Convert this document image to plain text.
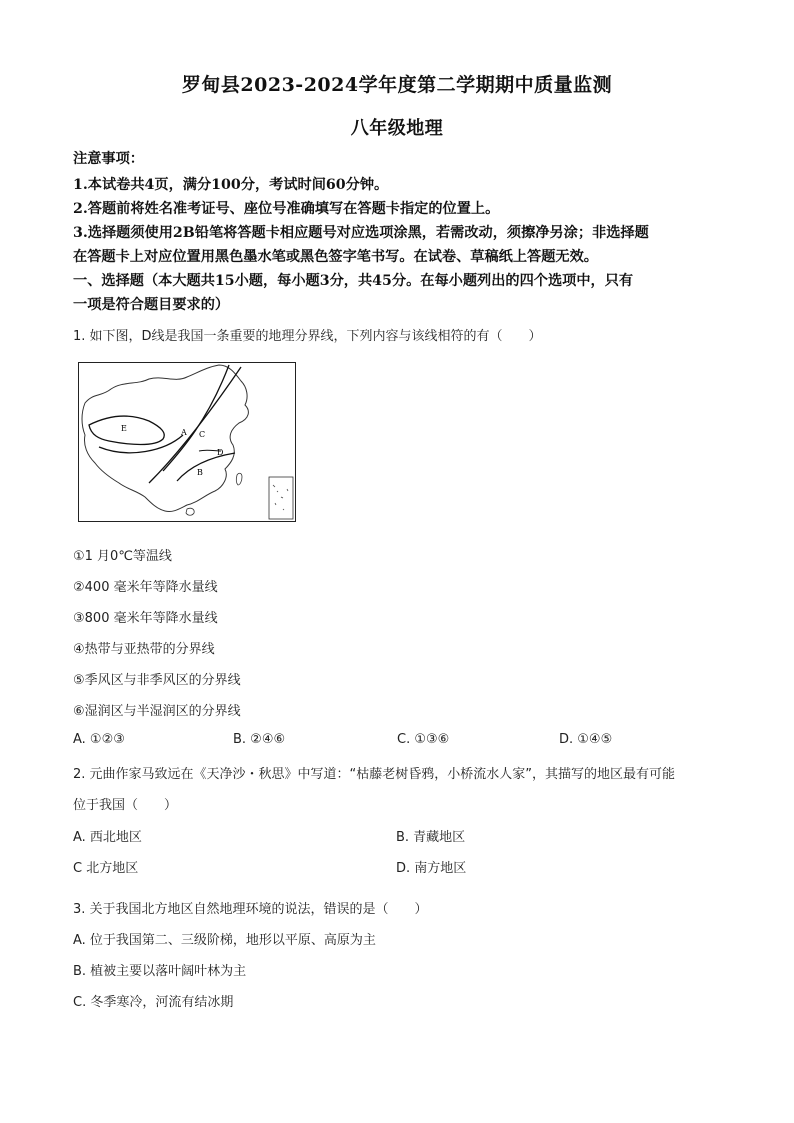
罗甸县2023-2024学年度第二学期期中质量监测
八年级地理
注意事项：
1.本试卷共4页，满分100分，考试时间60分钟。
2.答题前将姓名准考证号、座位号准确填写在答题卡指定的位置上。
3.选择题须使用2B铅笔将答题卡相应题号对应选项涂黑，若需改动，须擦净另涂；非选择题
在答题卡上对应位置用黑色墨水笔或黑色签字笔书写。在试卷、草稿纸上答题无效。
一、选择题（本大题共15小题，每小题3分，共45分。在每小题列出的四个选项中，只有
一项是符合题目要求的）
1. 如下图，D线是我国一条重要的地理分界线，下列内容与该线相符的有（　　）
E	A C
D
B
①1 月0℃等温线
②400 毫米年等降水量线
③800 毫米年等降水量线
④热带与亚热带的分界线
⑤季风区与非季风区的分界线
⑥湿润区与半湿润区的分界线
A. ①②③	B. ②④⑥	C. ①③⑥	D. ①④⑤
2. 元曲作家马致远在《天净沙・秋思》中写道：“枯藤老树昏鸦，小桥流水人家”，其描写的地区最有可能
位于我国（　　）
A. 西北地区	B. 青藏地区
C 北方地区	D. 南方地区
3. 关于我国北方地区自然地理环境的说法，错误的是（　　）
A. 位于我国第二、三级阶梯，地形以平原、高原为主
B. 植被主要以落叶阔叶林为主
C. 冬季寒冷，河流有结冰期
